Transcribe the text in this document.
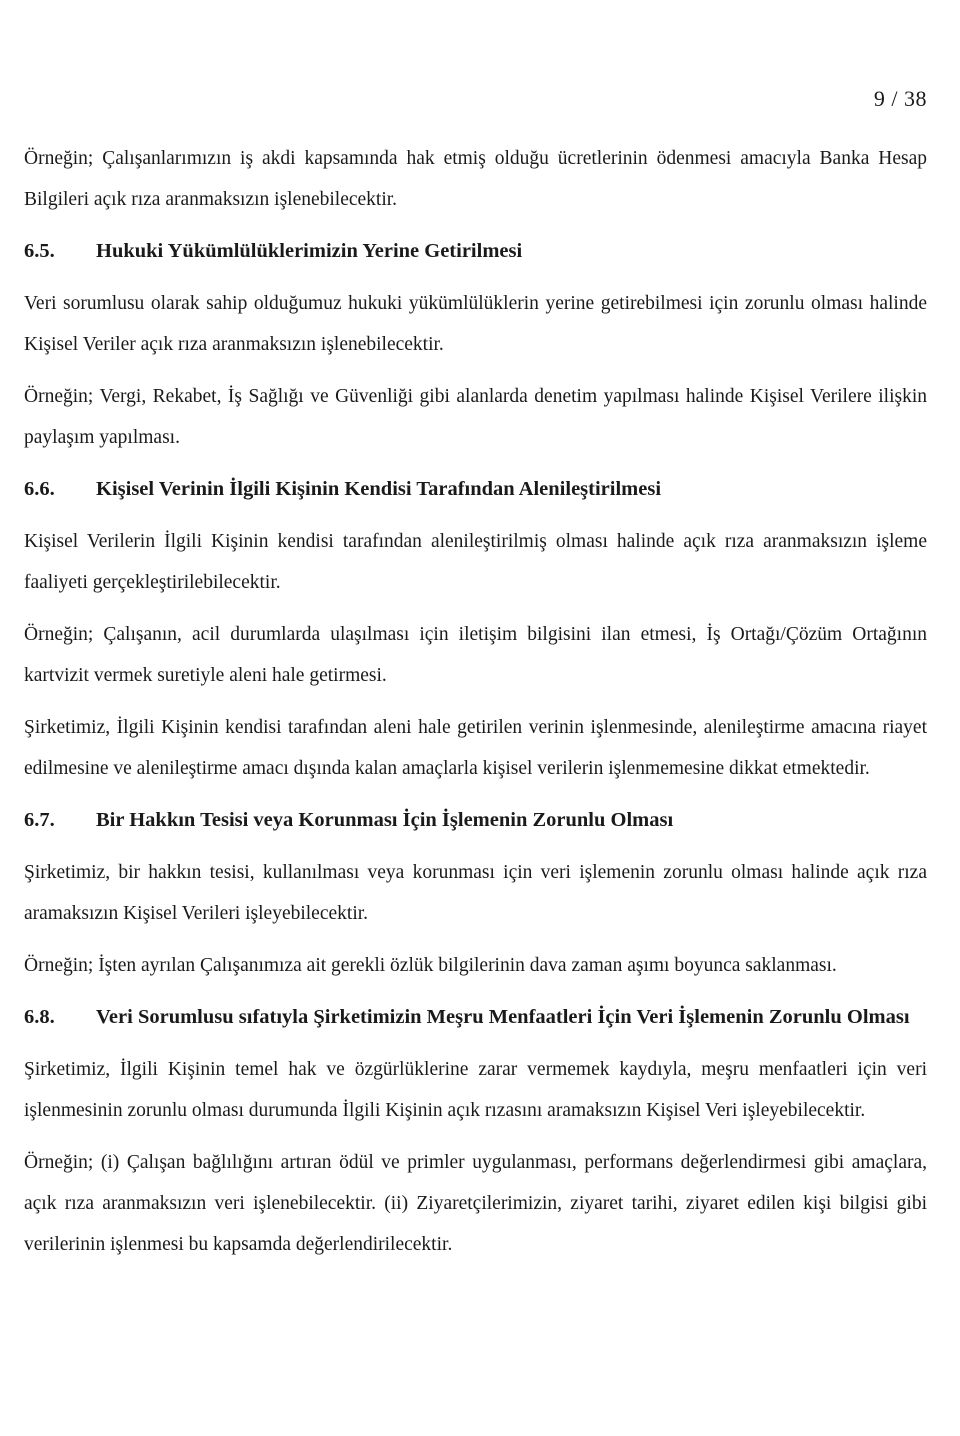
9 / 38

Örneğin; Çalışanlarımızın iş akdi kapsamında hak etmiş olduğu ücretlerinin ödenmesi amacıyla Banka Hesap Bilgileri açık rıza aranmaksızın işlenebilecektir.

6.5.	Hukuki Yükümlülüklerimizin Yerine Getirilmesi

Veri sorumlusu olarak sahip olduğumuz hukuki yükümlülüklerin yerine getirebilmesi için zorunlu olması halinde Kişisel Veriler açık rıza aranmaksızın işlenebilecektir.

Örneğin; Vergi, Rekabet, İş Sağlığı ve Güvenliği gibi alanlarda denetim yapılması halinde Kişisel Verilere ilişkin paylaşım yapılması.

6.6.	Kişisel Verinin İlgili Kişinin Kendisi Tarafından Alenileştirilmesi

Kişisel Verilerin İlgili Kişinin kendisi tarafından alenileştirilmiş olması halinde açık rıza aranmaksızın işleme faaliyeti gerçekleştirilebilecektir.

Örneğin; Çalışanın, acil durumlarda ulaşılması için iletişim bilgisini ilan etmesi, İş Ortağı/Çözüm Ortağının kartvizit vermek suretiyle aleni hale getirmesi.

Şirketimiz, İlgili Kişinin kendisi tarafından aleni hale getirilen verinin işlenmesinde, alenileştirme amacına riayet edilmesine ve alenileştirme amacı dışında kalan amaçlarla kişisel verilerin işlenmemesine dikkat etmektedir.

6.7.	Bir Hakkın Tesisi veya Korunması İçin İşlemenin Zorunlu Olması

Şirketimiz, bir hakkın tesisi, kullanılması veya korunması için veri işlemenin zorunlu olması halinde açık rıza aramaksızın Kişisel Verileri işleyebilecektir.

Örneğin; İşten ayrılan Çalışanımıza ait gerekli özlük bilgilerinin dava zaman aşımı boyunca saklanması.

6.8. Veri Sorumlusu sıfatıyla Şirketimizin Meşru Menfaatleri İçin Veri İşlemenin Zorunlu Olması

Şirketimiz, İlgili Kişinin temel hak ve özgürlüklerine zarar vermemek kaydıyla, meşru menfaatleri için veri işlenmesinin zorunlu olması durumunda İlgili Kişinin açık rızasını aramaksızın Kişisel Veri işleyebilecektir.

Örneğin; (i) Çalışan bağlılığını artıran ödül ve primler uygulanması, performans değerlendirmesi gibi amaçlara, açık rıza aranmaksızın veri işlenebilecektir. (ii) Ziyaretçilerimizin, ziyaret tarihi, ziyaret edilen kişi bilgisi gibi verilerinin işlenmesi bu kapsamda değerlendirilecektir.
